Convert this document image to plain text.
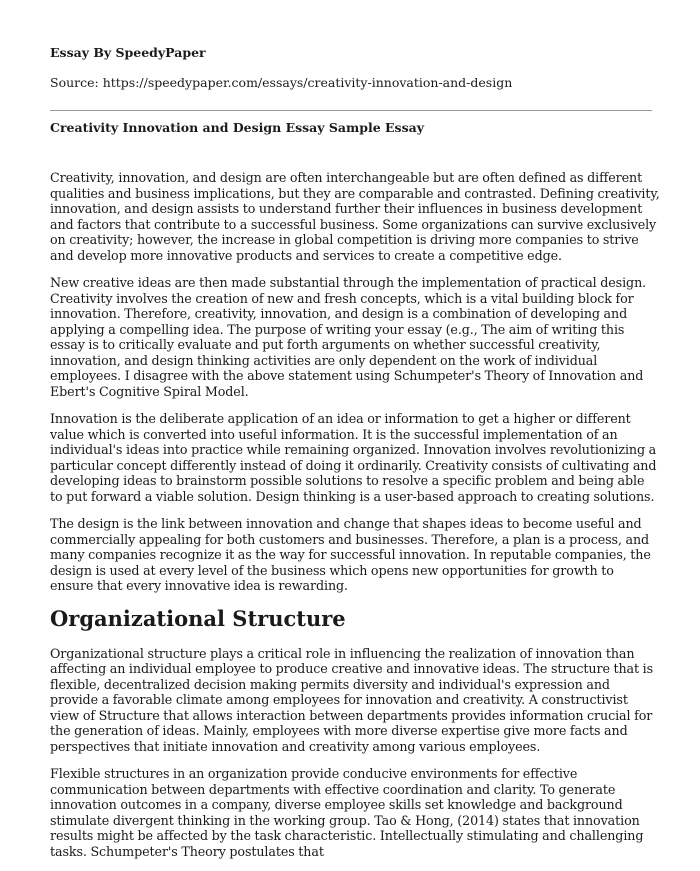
Essay By SpeedyPaper

Source: https://speedypaper.com/essays/creativity-innovation-and-design
Creativity Innovation and Design Essay Sample Essay

Creativity, innovation, and design are often interchangeable but are often defined as different qualities and business implications, but they are comparable and contrasted. Defining creativity, innovation, and design assists to understand further their influences in business development and factors that contribute to a successful business. Some organizations can survive exclusively on creativity; however, the increase in global competition is driving more companies to strive and develop more innovative products and services to create a competitive edge.

New creative ideas are then made substantial through the implementation of practical design. Creativity involves the creation of new and fresh concepts, which is a vital building block for innovation. Therefore, creativity, innovation, and design is a combination of developing and applying a compelling idea. The purpose of writing your essay (e.g., The aim of writing this essay is to critically evaluate and put forth arguments on whether successful creativity, innovation, and design thinking activities are only dependent on the work of individual employees. I disagree with the above statement using Schumpeter's Theory of Innovation and Ebert's Cognitive Spiral Model.

Innovation is the deliberate application of an idea or information to get a higher or different value which is converted into useful information. It is the successful implementation of an individual's ideas into practice while remaining organized. Innovation involves revolutionizing a particular concept differently instead of doing it ordinarily. Creativity consists of cultivating and developing ideas to brainstorm possible solutions to resolve a specific problem and being able to put forward a viable solution. Design thinking is a user-based approach to creating solutions.

The design is the link between innovation and change that shapes ideas to become useful and commercially appealing for both customers and businesses. Therefore, a plan is a process, and many companies recognize it as the way for successful innovation. In reputable companies, the design is used at every level of the business which opens new opportunities for growth to ensure that every innovative idea is rewarding.

Organizational Structure

Organizational structure plays a critical role in influencing the realization of innovation than affecting an individual employee to produce creative and innovative ideas. The structure that is flexible, decentralized decision making permits diversity and individual's expression and provide a favorable climate among employees for innovation and creativity. A constructivist view of Structure that allows interaction between departments provides information crucial for the generation of ideas. Mainly, employees with more diverse expertise give more facts and perspectives that initiate innovation and creativity among various employees.

Flexible structures in an organization provide conducive environments for effective communication between departments with effective coordination and clarity. To generate innovation outcomes in a company, diverse employee skills set knowledge and background stimulate divergent thinking in the working group. Tao & Hong, (2014) states that innovation results might be affected by the task characteristic. Intellectually stimulating and challenging tasks. Schumpeter's Theory postulates that
